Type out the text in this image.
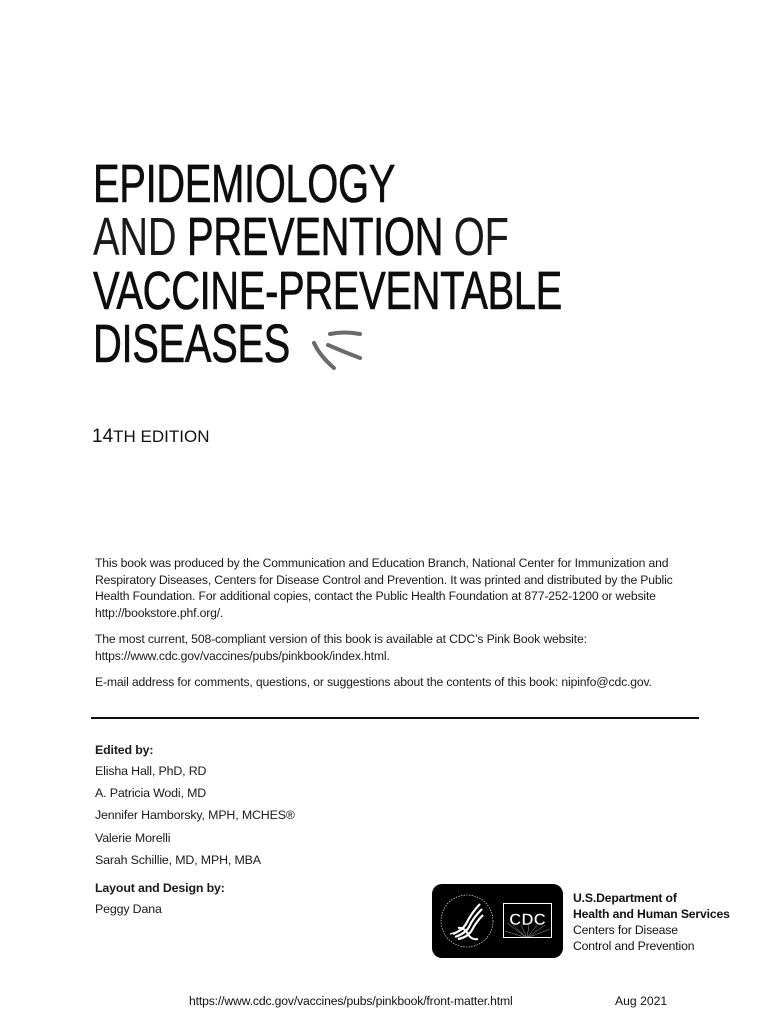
EPIDEMIOLOGY
AND PREVENTION OF
VACCINE-PREVENTABLE
DISEASES
14TH EDITION

This book was produced by the Communication and Education Branch, National Center for Immunization and Respiratory Diseases, Centers for Disease Control and Prevention. It was printed and distributed by the Public Health Foundation. For additional copies, contact the Public Health Foundation at 877-252-1200 or website http://bookstore.phf.org/.

The most current, 508-compliant version of this book is available at CDC’s Pink Book website: https://www.cdc.gov/vaccines/pubs/pinkbook/index.html.

E-mail address for comments, questions, or suggestions about the contents of this book: nipinfo@cdc.gov.

Edited by:
Elisha Hall, PhD, RD
A. Patricia Wodi, MD
Jennifer Hamborsky, MPH, MCHES®
Valerie Morelli
Sarah Schillie, MD, MPH, MBA
Layout and Design by:
Peggy Dana
CDC
U.S.Department of
Health and Human Services
Centers for Disease
Control and Prevention
https://www.cdc.gov/vaccines/pubs/pinkbook/front-matter.html	Aug 2021
